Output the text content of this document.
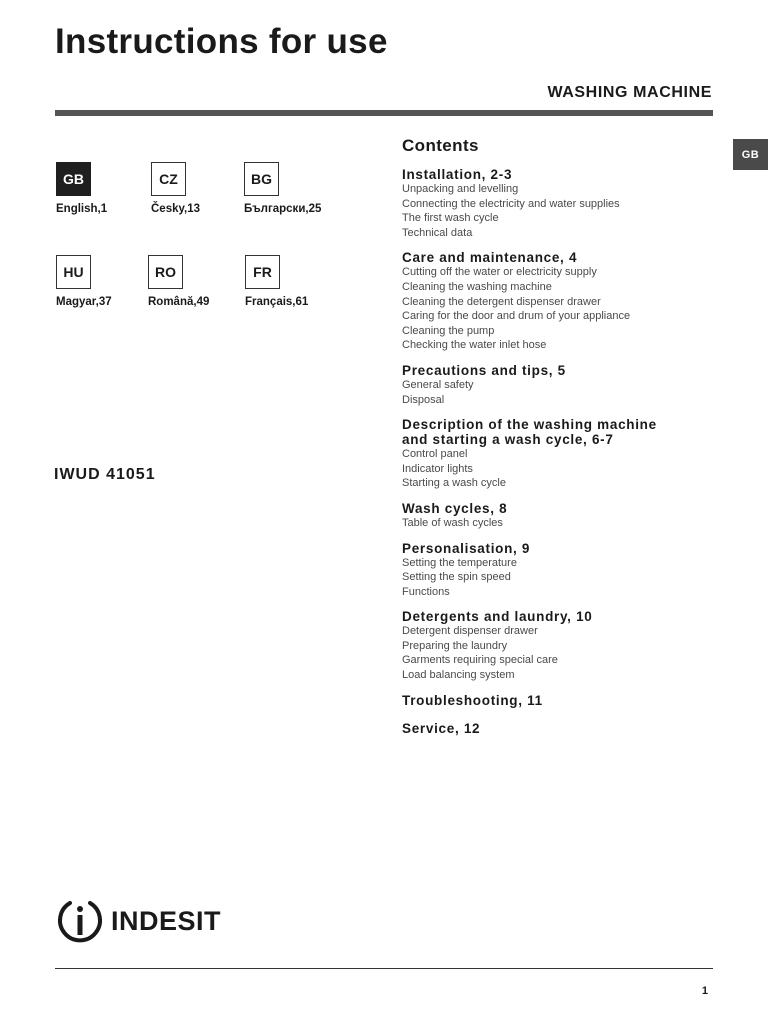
Instructions for use
WASHING MACHINE
GB
GB
English,1
CZ
Česky,13
BG
Български,25
HU
Magyar,37
RO
Română,49
FR
Français,61
IWUD 41051
Contents
Installation, 2-3
Unpacking and levelling
Connecting the electricity and water supplies
The first wash cycle
Technical data
Care and maintenance, 4
Cutting off the water or electricity supply
Cleaning the washing machine
Cleaning the detergent dispenser drawer
Caring for the door and drum of your appliance
Cleaning the pump
Checking the water inlet hose
Precautions and tips, 5
General safety
Disposal
Description of the washing machine
and starting a wash cycle, 6-7
Control panel
Indicator lights
Starting a wash cycle
Wash cycles, 8
Table of wash cycles
Personalisation, 9
Setting the temperature
Setting the spin speed
Functions
Detergents and laundry, 10
Detergent dispenser drawer
Preparing the laundry
Garments requiring special care
Load balancing system
Troubleshooting, 11
Service, 12
INDESIT
1
